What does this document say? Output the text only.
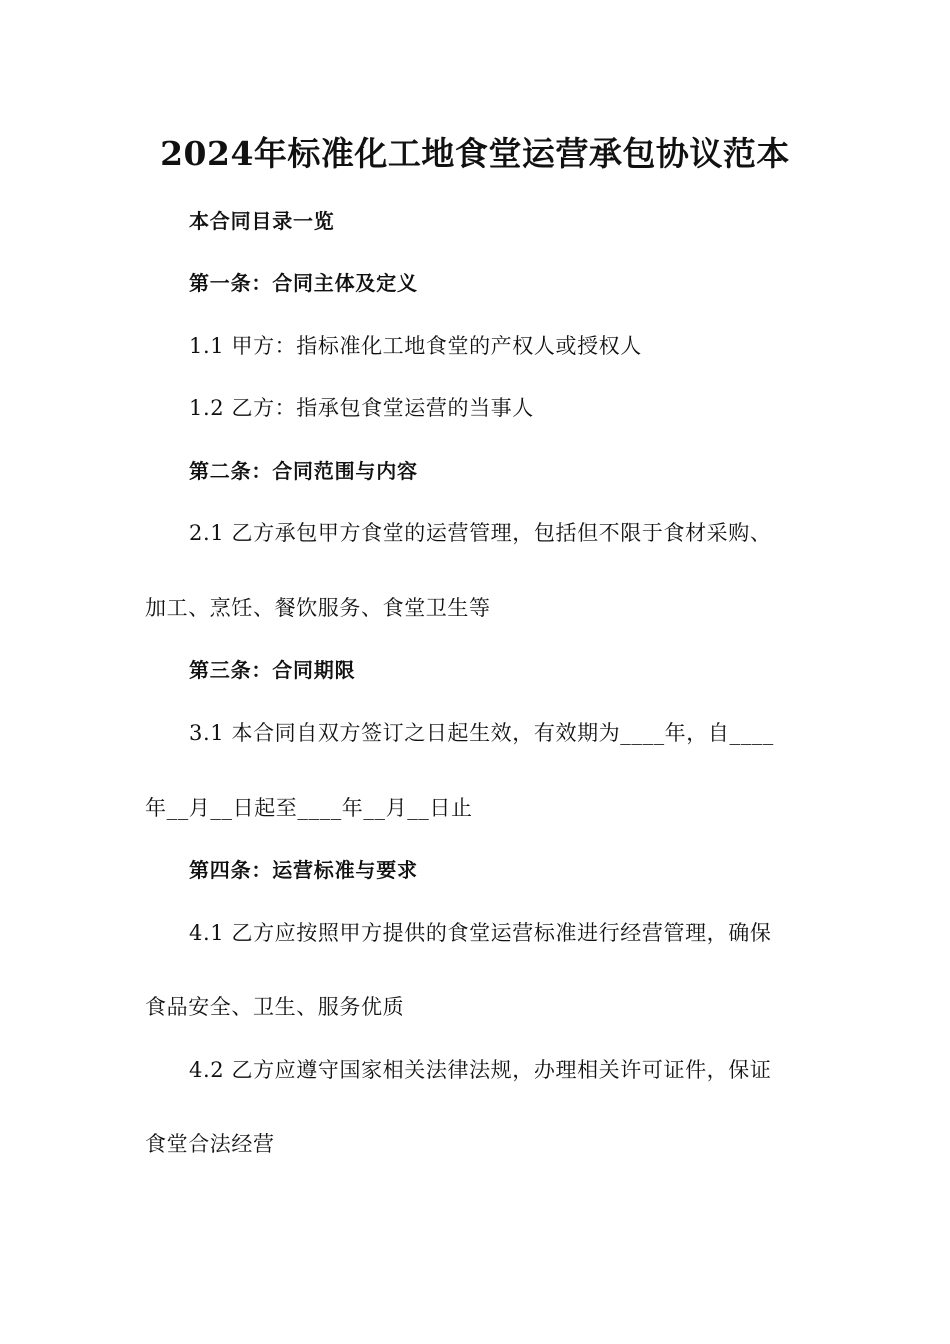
2024年标准化工地食堂运营承包协议范本
本合同目录一览
第一条：合同主体及定义
1.1 甲方：指标准化工地食堂的产权人或授权人
1.2 乙方：指承包食堂运营的当事人
第二条：合同范围与内容
2.1 乙方承包甲方食堂的运营管理，包括但不限于食材采购、
加工、烹饪、餐饮服务、食堂卫生等
第三条：合同期限
3.1 本合同自双方签订之日起生效，有效期为____年，自____
年__月__日起至____年__月__日止
第四条：运营标准与要求
4.1 乙方应按照甲方提供的食堂运营标准进行经营管理，确保
食品安全、卫生、服务优质
4.2 乙方应遵守国家相关法律法规，办理相关许可证件，保证
食堂合法经营
